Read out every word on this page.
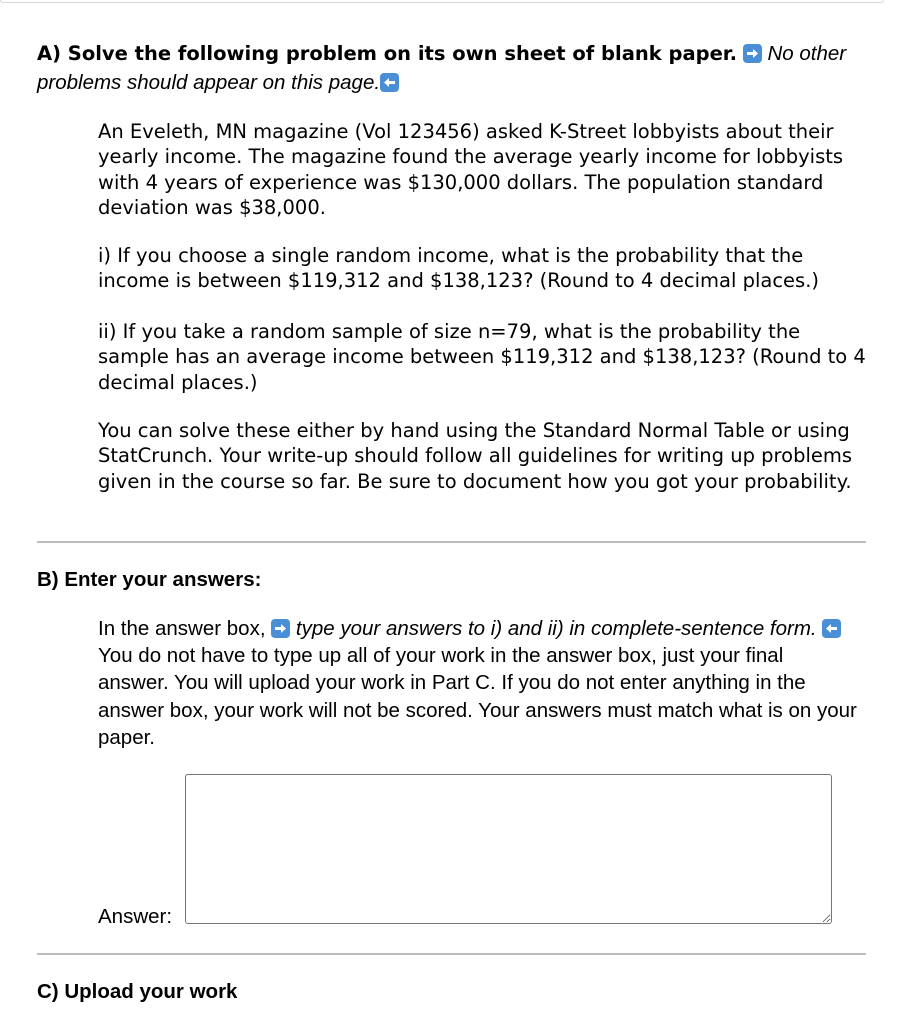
A) Solve the following problem on its own sheet of blank paper. No other problems should appear on this page.

An Eveleth, MN magazine (Vol 123456) asked K-Street lobbyists about their yearly income. The magazine found the average yearly income for lobbyists with 4 years of experience was $130,000 dollars. The population standard deviation was $38,000.

i) If you choose a single random income, what is the probability that the income is between $119,312 and $138,123? (Round to 4 decimal places.)

ii) If you take a random sample of size n=79, what is the probability the sample has an average income between $119,312 and $138,123? (Round to 4 decimal places.)

You can solve these either by hand using the Standard Normal Table or using StatCrunch. Your write-up should follow all guidelines for writing up problems given in the course so far. Be sure to document how you got your probability.

B) Enter your answers:

In the answer box, type your answers to i) and ii) in complete-sentence form.
You do not have to type up all of your work in the answer box, just your final answer. You will upload your work in Part C. If you do not enter anything in the answer box, your work will not be scored. Your answers must match what is on your paper.

Answer:
C) Upload your work
